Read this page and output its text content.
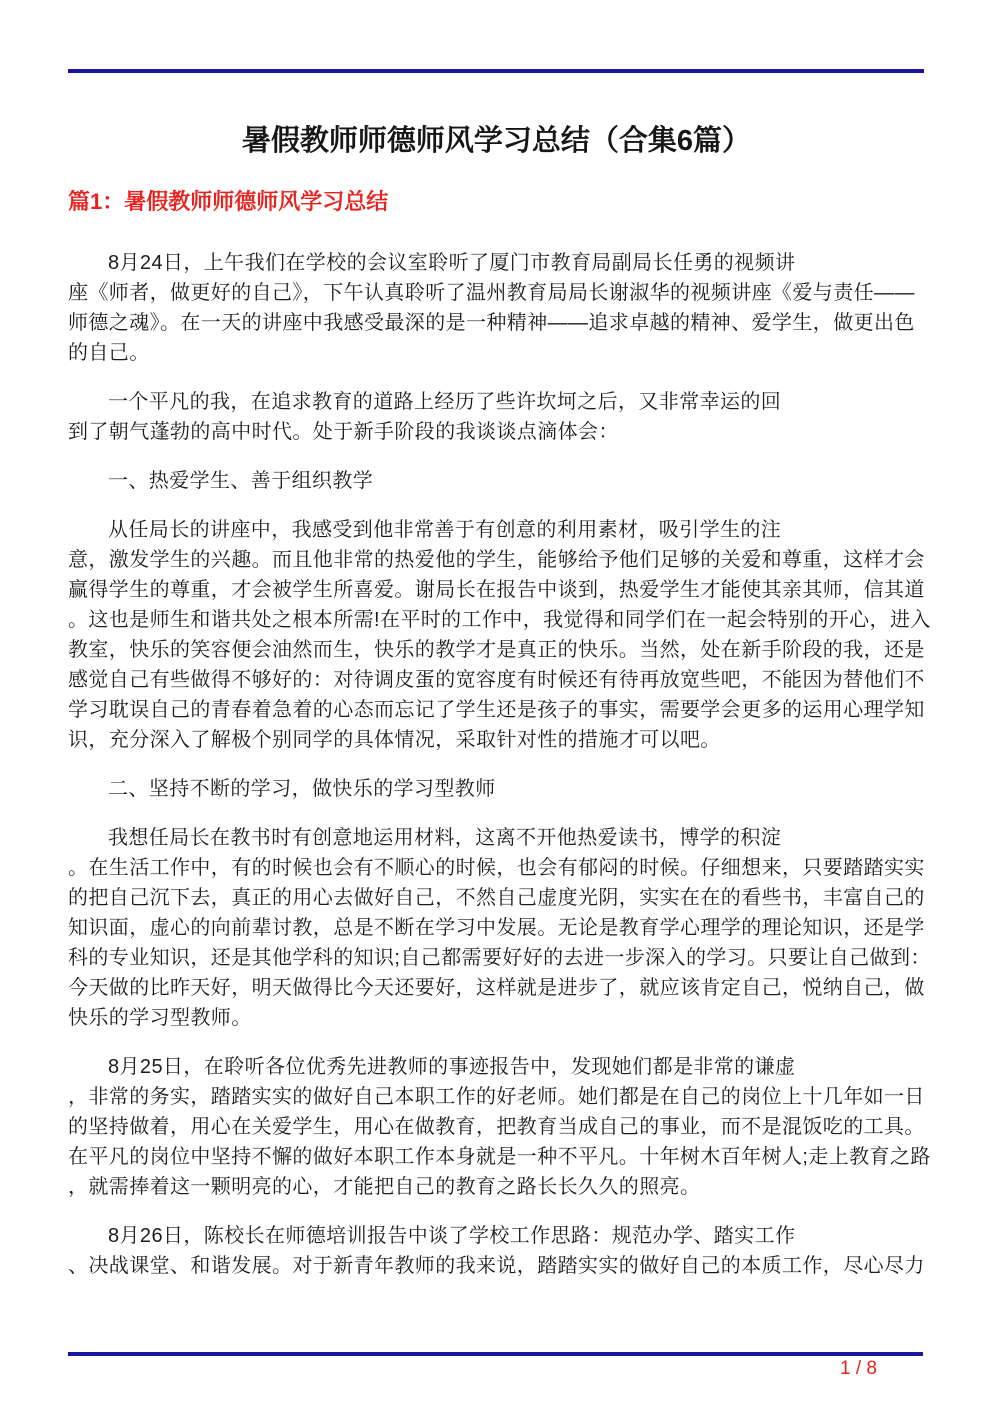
暑假教师师德师风学习总结（合集6篇）
篇1：暑假教师师德师风学习总结
8月24日，上午我们在学校的会议室聆听了厦门市教育局副局长任勇的视频讲
座《师者，做更好的自己》，下午认真聆听了温州教育局局长谢淑华的视频讲座《爱与责任——
师德之魂》。在一天的讲座中我感受最深的是一种精神——追求卓越的精神、爱学生，做更出色
的自己。
一个平凡的我，在追求教育的道路上经历了些许坎坷之后，又非常幸运的回
到了朝气蓬勃的高中时代。处于新手阶段的我谈谈点滴体会：
一、热爱学生、善于组织教学
从任局长的讲座中，我感受到他非常善于有创意的利用素材，吸引学生的注
意，激发学生的兴趣。而且他非常的热爱他的学生，能够给予他们足够的关爱和尊重，这样才会
赢得学生的尊重，才会被学生所喜爱。谢局长在报告中谈到，热爱学生才能使其亲其师，信其道
。这也是师生和谐共处之根本所需!在平时的工作中，我觉得和同学们在一起会特别的开心，进入
教室，快乐的笑容便会油然而生，快乐的教学才是真正的快乐。当然，处在新手阶段的我，还是
感觉自己有些做得不够好的：对待调皮蛋的宽容度有时候还有待再放宽些吧，不能因为替他们不
学习耽误自己的青春着急着的心态而忘记了学生还是孩子的事实，需要学会更多的运用心理学知
识，充分深入了解极个别同学的具体情况，采取针对性的措施才可以吧。
二、坚持不断的学习，做快乐的学习型教师
我想任局长在教书时有创意地运用材料，这离不开他热爱读书，博学的积淀
。在生活工作中，有的时候也会有不顺心的时候，也会有郁闷的时候。仔细想来，只要踏踏实实
的把自己沉下去，真正的用心去做好自己，不然自己虚度光阴，实实在在的看些书，丰富自己的
知识面，虚心的向前辈讨教，总是不断在学习中发展。无论是教育学心理学的理论知识，还是学
科的专业知识，还是其他学科的知识;自己都需要好好的去进一步深入的学习。只要让自己做到：
今天做的比昨天好，明天做得比今天还要好，这样就是进步了，就应该肯定自己，悦纳自己，做
快乐的学习型教师。
8月25日，在聆听各位优秀先进教师的事迹报告中，发现她们都是非常的谦虚
，非常的务实，踏踏实实的做好自己本职工作的好老师。她们都是在自己的岗位上十几年如一日
的坚持做着，用心在关爱学生，用心在做教育，把教育当成自己的事业，而不是混饭吃的工具。
在平凡的岗位中坚持不懈的做好本职工作本身就是一种不平凡。十年树木百年树人;走上教育之路
，就需捧着这一颗明亮的心，才能把自己的教育之路长长久久的照亮。
8月26日，陈校长在师德培训报告中谈了学校工作思路：规范办学、踏实工作
、决战课堂、和谐发展。对于新青年教师的我来说，踏踏实实的做好自己的本质工作，尽心尽力
1 / 8
